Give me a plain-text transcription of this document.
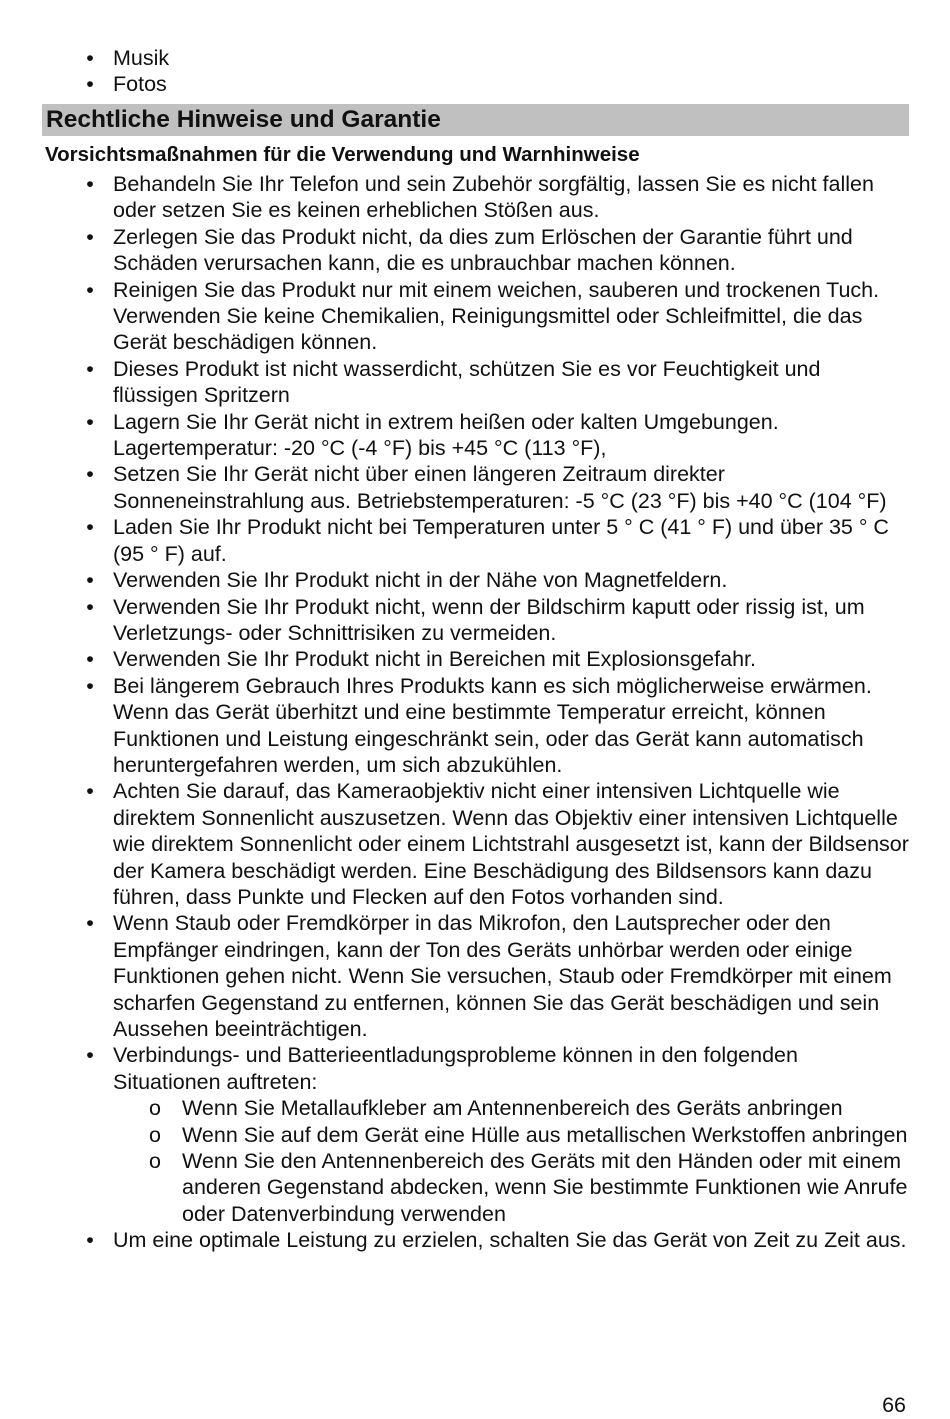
• Musik
• Fotos
Rechtliche Hinweise und Garantie
Vorsichtsmaßnahmen für die Verwendung und Warnhinweise
• Behandeln Sie Ihr Telefon und sein Zubehör sorgfältig, lassen Sie es nicht fallen oder setzen Sie es keinen erheblichen Stößen aus.
• Zerlegen Sie das Produkt nicht, da dies zum Erlöschen der Garantie führt und Schäden verursachen kann, die es unbrauchbar machen können.
• Reinigen Sie das Produkt nur mit einem weichen, sauberen und trockenen Tuch. Verwenden Sie keine Chemikalien, Reinigungsmittel oder Schleifmittel, die das Gerät beschädigen können.
• Dieses Produkt ist nicht wasserdicht, schützen Sie es vor Feuchtigkeit und flüssigen Spritzern
• Lagern Sie Ihr Gerät nicht in extrem heißen oder kalten Umgebungen. Lagertemperatur: -20 °C (-4 °F) bis +45 °C (113 °F),
• Setzen Sie Ihr Gerät nicht über einen längeren Zeitraum direkter Sonneneinstrahlung aus. Betriebstemperaturen: -5 °C (23 °F) bis +40 °C (104 °F)
• Laden Sie Ihr Produkt nicht bei Temperaturen unter 5 ° C (41 ° F) und über 35 ° C (95 ° F) auf.
• Verwenden Sie Ihr Produkt nicht in der Nähe von Magnetfeldern.
• Verwenden Sie Ihr Produkt nicht, wenn der Bildschirm kaputt oder rissig ist, um Verletzungs- oder Schnittrisiken zu vermeiden.
• Verwenden Sie Ihr Produkt nicht in Bereichen mit Explosionsgefahr.
• Bei längerem Gebrauch Ihres Produkts kann es sich möglicherweise erwärmen. Wenn das Gerät überhitzt und eine bestimmte Temperatur erreicht, können Funktionen und Leistung eingeschränkt sein, oder das Gerät kann automatisch heruntergefahren werden, um sich abzukühlen.
• Achten Sie darauf, das Kameraobjektiv nicht einer intensiven Lichtquelle wie direktem Sonnenlicht auszusetzen. Wenn das Objektiv einer intensiven Lichtquelle wie direktem Sonnenlicht oder einem Lichtstrahl ausgesetzt ist, kann der Bildsensor der Kamera beschädigt werden. Eine Beschädigung des Bildsensors kann dazu führen, dass Punkte und Flecken auf den Fotos vorhanden sind.
• Wenn Staub oder Fremdkörper in das Mikrofon, den Lautsprecher oder den Empfänger eindringen, kann der Ton des Geräts unhörbar werden oder einige Funktionen gehen nicht. Wenn Sie versuchen, Staub oder Fremdkörper mit einem scharfen Gegenstand zu entfernen, können Sie das Gerät beschädigen und sein Aussehen beeinträchtigen.
• Verbindungs- und Batterieentladungsprobleme können in den folgenden Situationen auftreten:
o Wenn Sie Metallaufkleber am Antennenbereich des Geräts anbringen
o Wenn Sie auf dem Gerät eine Hülle aus metallischen Werkstoffen anbringen
o Wenn Sie den Antennenbereich des Geräts mit den Händen oder mit einem anderen Gegenstand abdecken, wenn Sie bestimmte Funktionen wie Anrufe oder Datenverbindung verwenden
• Um eine optimale Leistung zu erzielen, schalten Sie das Gerät von Zeit zu Zeit aus.
66
